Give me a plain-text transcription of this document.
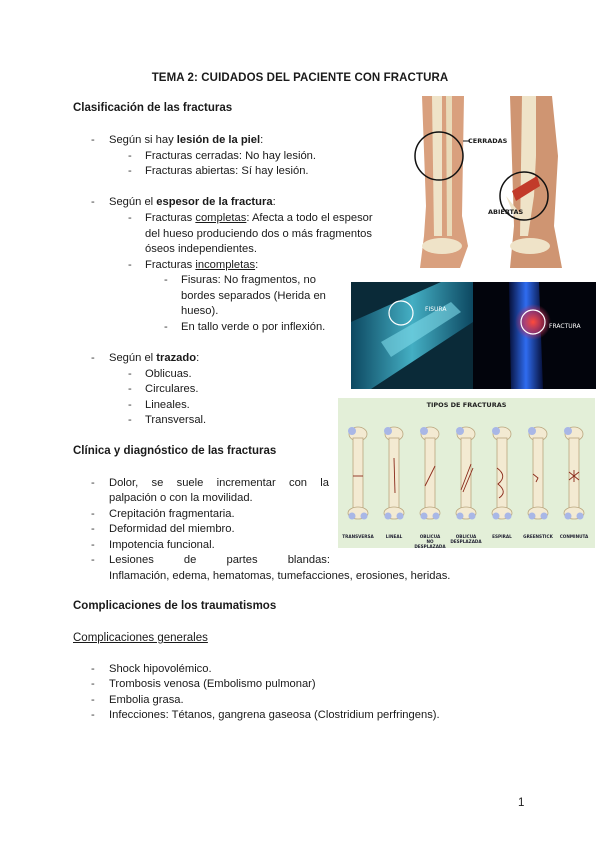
TEMA 2: CUIDADOS DEL PACIENTE CON FRACTURA
Clasificación de las fracturas
- Según si hay lesión de la piel:
- Fracturas cerradas: No hay lesión.
- Fracturas abiertas: Sí hay lesión.
- Según el espesor de la fractura:
- Fracturas completas: Afecta a todo el espesor
del hueso produciendo dos o más fragmentos
óseos independientes.
- Fracturas incompletas:
- Fisuras: No fragmentos, no
bordes separados (Herida en
hueso).
- En tallo verde o por inflexión.
- Según el trazado:
- Oblicuas.
- Circulares.
- Lineales.
- Transversal.
Clínica y diagnóstico de las fracturas
- Dolor, se suele incrementar con la
palpación o con la movilidad.
- Crepitación fragmentaria.
- Deformidad del miembro.
- Impotencia funcional.
- Lesiones de partes blandas:
Inflamación, edema, hematomas, tumefacciones, erosiones, heridas.
Complicaciones de los traumatismos
Complicaciones generales
- Shock hipovolémico.
- Trombosis venosa (Embolismo pulmonar)
- Embolia grasa.
- Infecciones: Tétanos, gangrena gaseosa (Clostridium perfringens).
1
CERRADAS
ABIERTAS
FISURA
FRACTURA
TIPOS DE FRACTURAS
TRANSVERSA	LINEAL	OBLICUA
NO DESPLAZADA
OBLICUA
DESPLAZADA
ESPIRAL	GREENSTICK	CONMINUTA
